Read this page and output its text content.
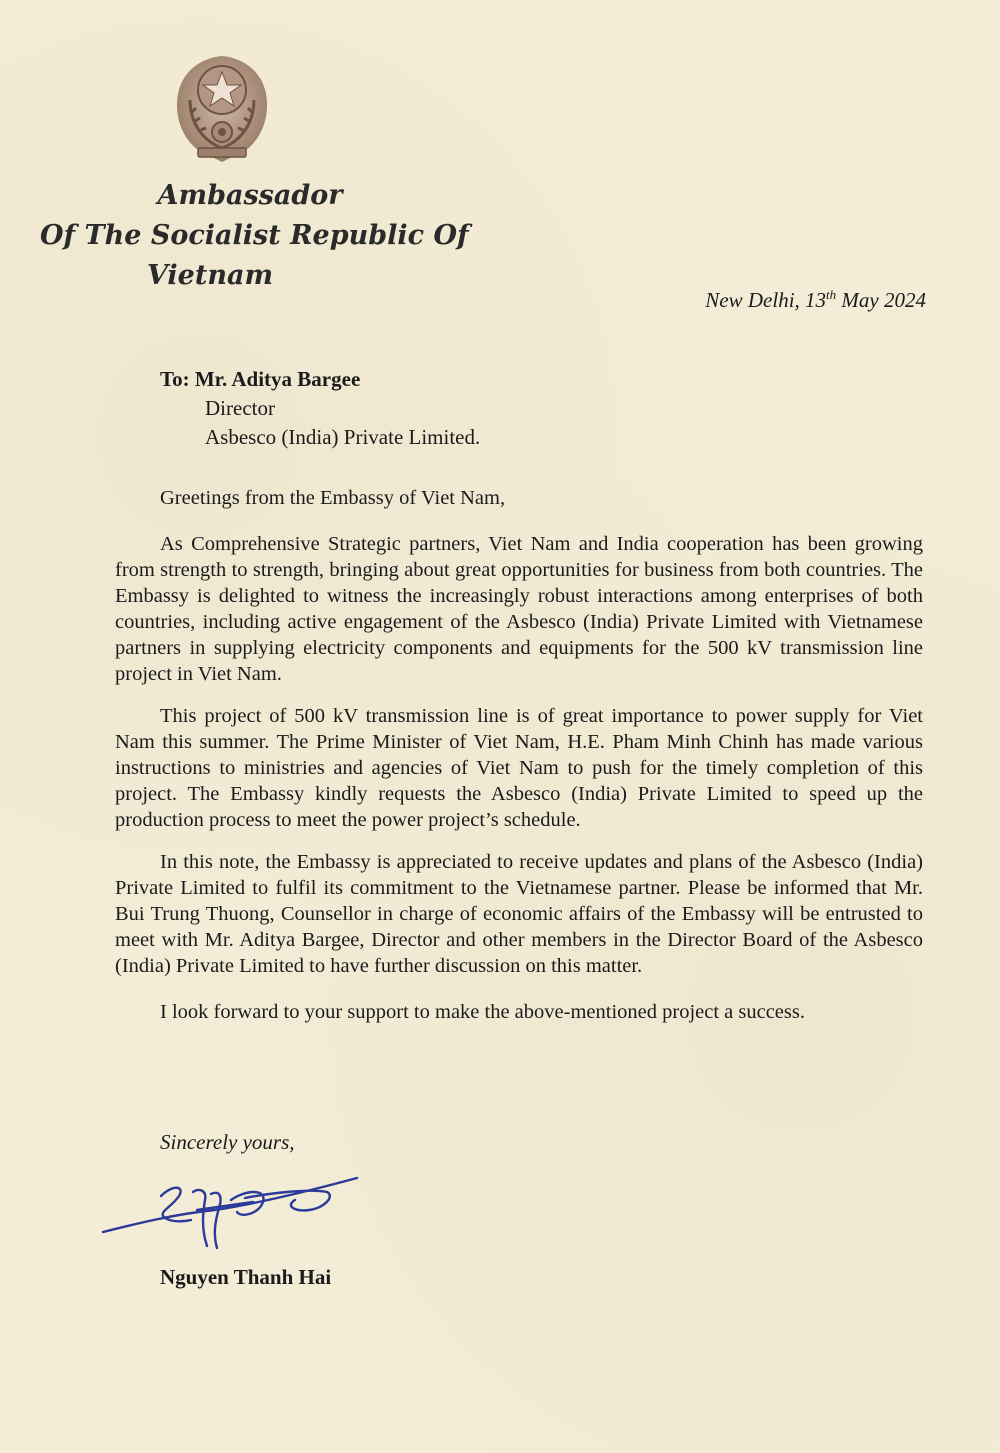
Ambassador
Of The Socialist Republic Of
Vietnam
New Delhi, 13th May 2024
To: Mr. Aditya Bargee
Director
Asbesco (India) Private Limited.
Greetings from the Embassy of Viet Nam,

As Comprehensive Strategic partners, Viet Nam and India cooperation has been growing from strength to strength, bringing about great opportunities for business from both countries. The Embassy is delighted to witness the increasingly robust interactions among enterprises of both countries, including active engagement of the Asbesco (India) Private Limited with Vietnamese partners in supplying electricity components and equipments for the 500 kV transmission line project in Viet Nam.

This project of 500 kV transmission line is of great importance to power supply for Viet Nam this summer. The Prime Minister of Viet Nam, H.E. Pham Minh Chinh has made various instructions to ministries and agencies of Viet Nam to push for the timely completion of this project. The Embassy kindly requests the Asbesco (India) Private Limited to speed up the production process to meet the power project’s schedule.

In this note, the Embassy is appreciated to receive updates and plans of the Asbesco (India) Private Limited to fulfil its commitment to the Vietnamese partner. Please be informed that Mr. Bui Trung Thuong, Counsellor in charge of economic affairs of the Embassy will be entrusted to meet with Mr. Aditya Bargee, Director and other members in the Director Board of the Asbesco (India) Private Limited to have further discussion on this matter.

I look forward to your support to make the above-mentioned project a success.

Sincerely yours,
Nguyen Thanh Hai
